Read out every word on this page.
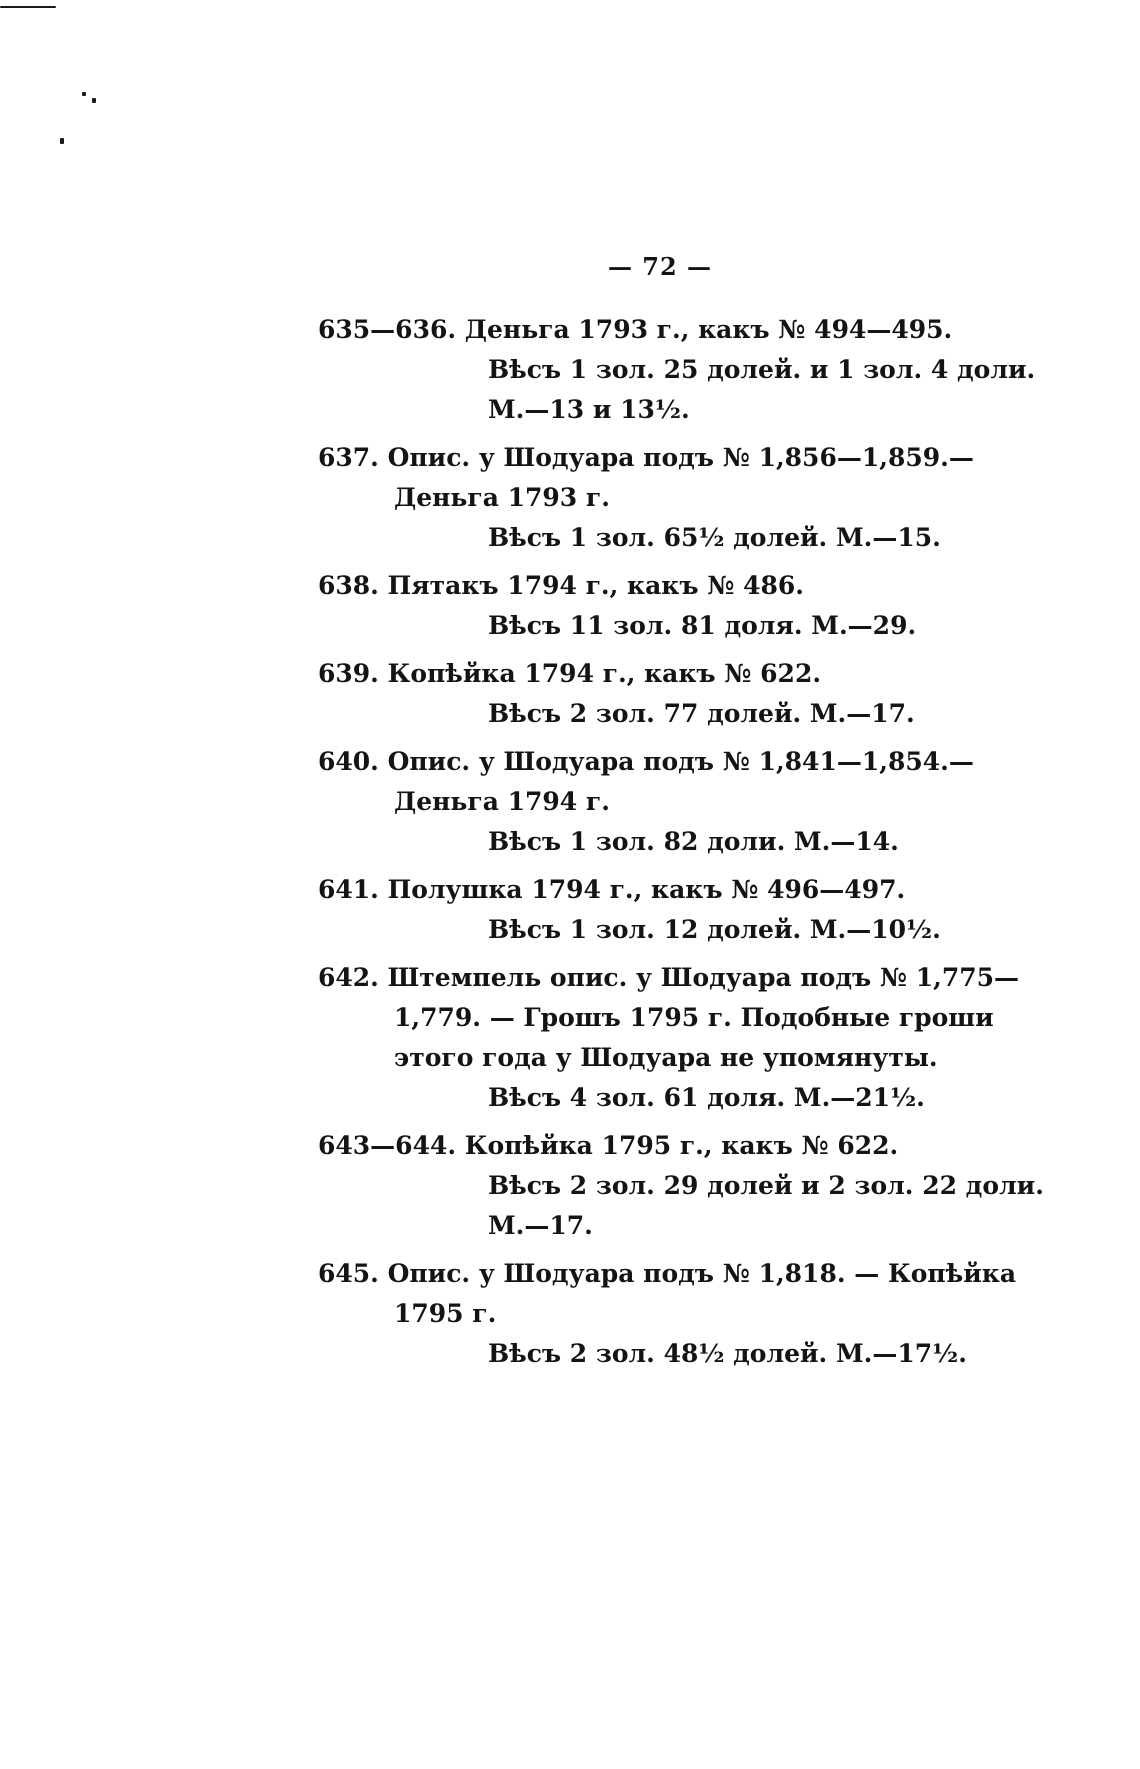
— 72 —
635—636. Деньга 1793 г., какъ № 494—495.
Вѣсъ 1 зол. 25 долей. и 1 зол. 4 доли.
М.—13 и 13½.
637. Опис. у Шодуара подъ № 1,856—1,859.—
Деньга 1793 г.
Вѣсъ 1 зол. 65½ долей. М.—15.
638. Пятакъ 1794 г., какъ № 486.
Вѣсъ 11 зол. 81 доля. М.—29.
639. Копѣйка 1794 г., какъ № 622.
Вѣсъ 2 зол. 77 долей. М.—17.
640. Опис. у Шодуара подъ № 1,841—1,854.—
Деньга 1794 г.
Вѣсъ 1 зол. 82 доли. М.—14.
641. Полушка 1794 г., какъ № 496—497.
Вѣсъ 1 зол. 12 долей. М.—10½.
642. Штемпель опис. у Шодуара подъ № 1,775—
1,779. — Грошъ 1795 г. Подобные гроши
этого года у Шодуара не упомянуты.
Вѣсъ 4 зол. 61 доля. М.—21½.
643—644. Копѣйка 1795 г., какъ № 622.
Вѣсъ 2 зол. 29 долей и 2 зол. 22 доли.
М.—17.
645. Опис. у Шодуара подъ № 1,818. — Копѣйка
1795 г.
Вѣсъ 2 зол. 48½ долей. М.—17½.
